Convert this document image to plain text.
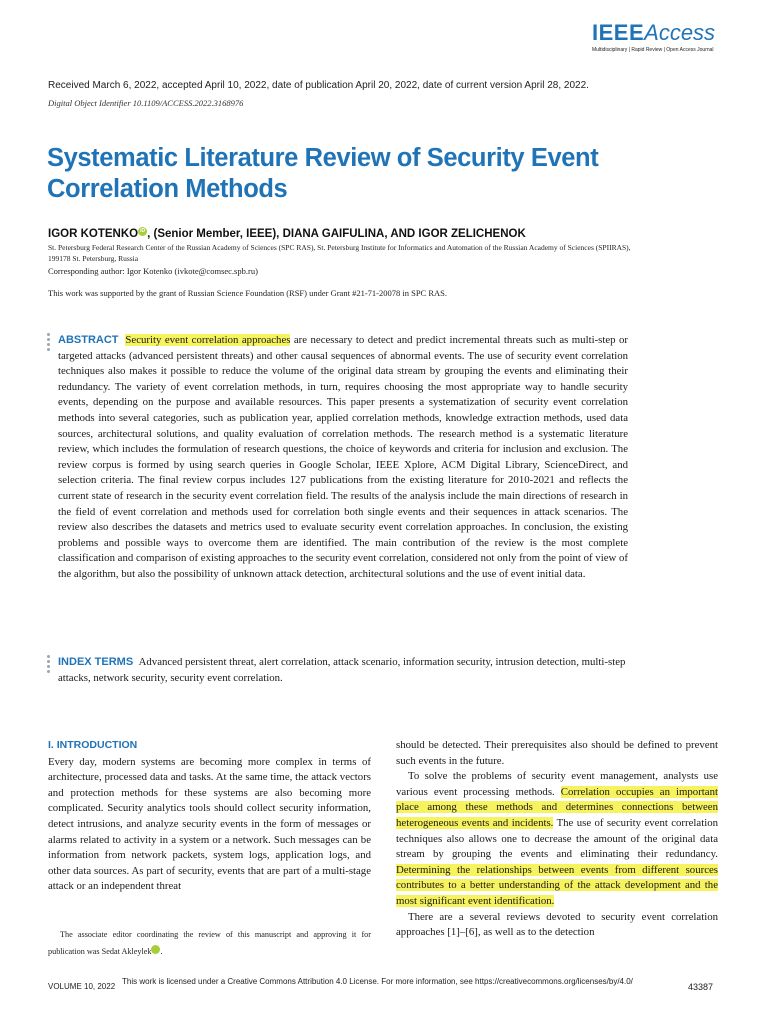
IEEEAccess
Multidisciplinary | Rapid Review | Open Access Journal
Received March 6, 2022, accepted April 10, 2022, date of publication April 20, 2022, date of current version April 28, 2022.
Digital Object Identifier 10.1109/ACCESS.2022.3168976
Systematic Literature Review of Security Event Correlation Methods
IGOR KOTENKO iD , (Senior Member, IEEE), DIANA GAIFULINA, AND IGOR ZELICHENOK
St. Petersburg Federal Research Center of the Russian Academy of Sciences (SPC RAS), St. Petersburg Institute for Informatics and Automation of the Russian Academy of Sciences (SPIIRAS), 199178 St. Petersburg, Russia
Corresponding author: Igor Kotenko (ivkote@comsec.spb.ru)
This work was supported by the grant of Russian Science Foundation (RSF) under Grant #21-71-20078 in SPC RAS.
ABSTRACT Security event correlation approaches are necessary to detect and predict incremental threats such as multi-step or targeted attacks (advanced persistent threats) and other causal sequences of abnormal events. The use of security event correlation techniques also makes it possible to reduce the volume of the original data stream by grouping the events and eliminating their redundancy. The variety of event correlation methods, in turn, requires choosing the most appropriate way to handle security events, depending on the purpose and available resources. This paper presents a systematization of security event correlation methods into several categories, such as publication year, applied correlation methods, knowledge extraction methods, used data sources, architectural solutions, and quality evaluation of correlation methods. The research method is a systematic literature review, which includes the formulation of research questions, the choice of keywords and criteria for inclusion and exclusion. The review corpus is formed by using search queries in Google Scholar, IEEE Xplore, ACM Digital Library, ScienceDirect, and selection criteria. The final review corpus includes 127 publications from the existing literature for 2010-2021 and reflects the current state of research in the security event correlation field. The results of the analysis include the main directions of research in the field of event correlation and methods used for correlation both single events and their sequences in attack scenarios. The review also describes the datasets and metrics used to evaluate security event correlation approaches. In conclusion, the existing problems and possible ways to overcome them are identified. The main contribution of the review is the most complete classification and comparison of existing approaches to the security event correlation, considered not only from the point of view of the algorithm, but also the possibility of unknown attack detection, architectural solutions and the use of event initial data.
INDEX TERMS Advanced persistent threat, alert correlation, attack scenario, information security, intrusion detection, multi-step attacks, network security, security event correlation.
I. INTRODUCTION

Every day, modern systems are becoming more complex in terms of architecture, processed data and tasks. At the same time, the attack vectors and protection methods for these systems are also becoming more complicated. Security analytics tools should collect security information, detect intrusions, and analyze security events in the form of messages or alarms related to activity in a system or a network. Such messages can be information from network packets, system logs, application logs, and other data sources. As part of security, events that are part of a multi-stage attack or an independent threat

The associate editor coordinating the review of this manuscript and approving it for publication was Sedat Akleylek iD.

should be detected. Their prerequisites also should be defined to prevent such events in the future.

To solve the problems of security event management, analysts use various event processing methods. Correlation occupies an important place among these methods and determines connections between heterogeneous events and incidents. The use of security event correlation techniques also allows one to decrease the amount of the original data stream by grouping the events and eliminating their redundancy. Determining the relationships between events from different sources contributes to a better understanding of the attack development and the most significant event identification.

There are a several reviews devoted to security event correlation approaches [1]–[6], as well as to the detection

VOLUME 10, 2022
This work is licensed under a Creative Commons Attribution 4.0 License. For more information, see https://creativecommons.org/licenses/by/4.0/
43387
